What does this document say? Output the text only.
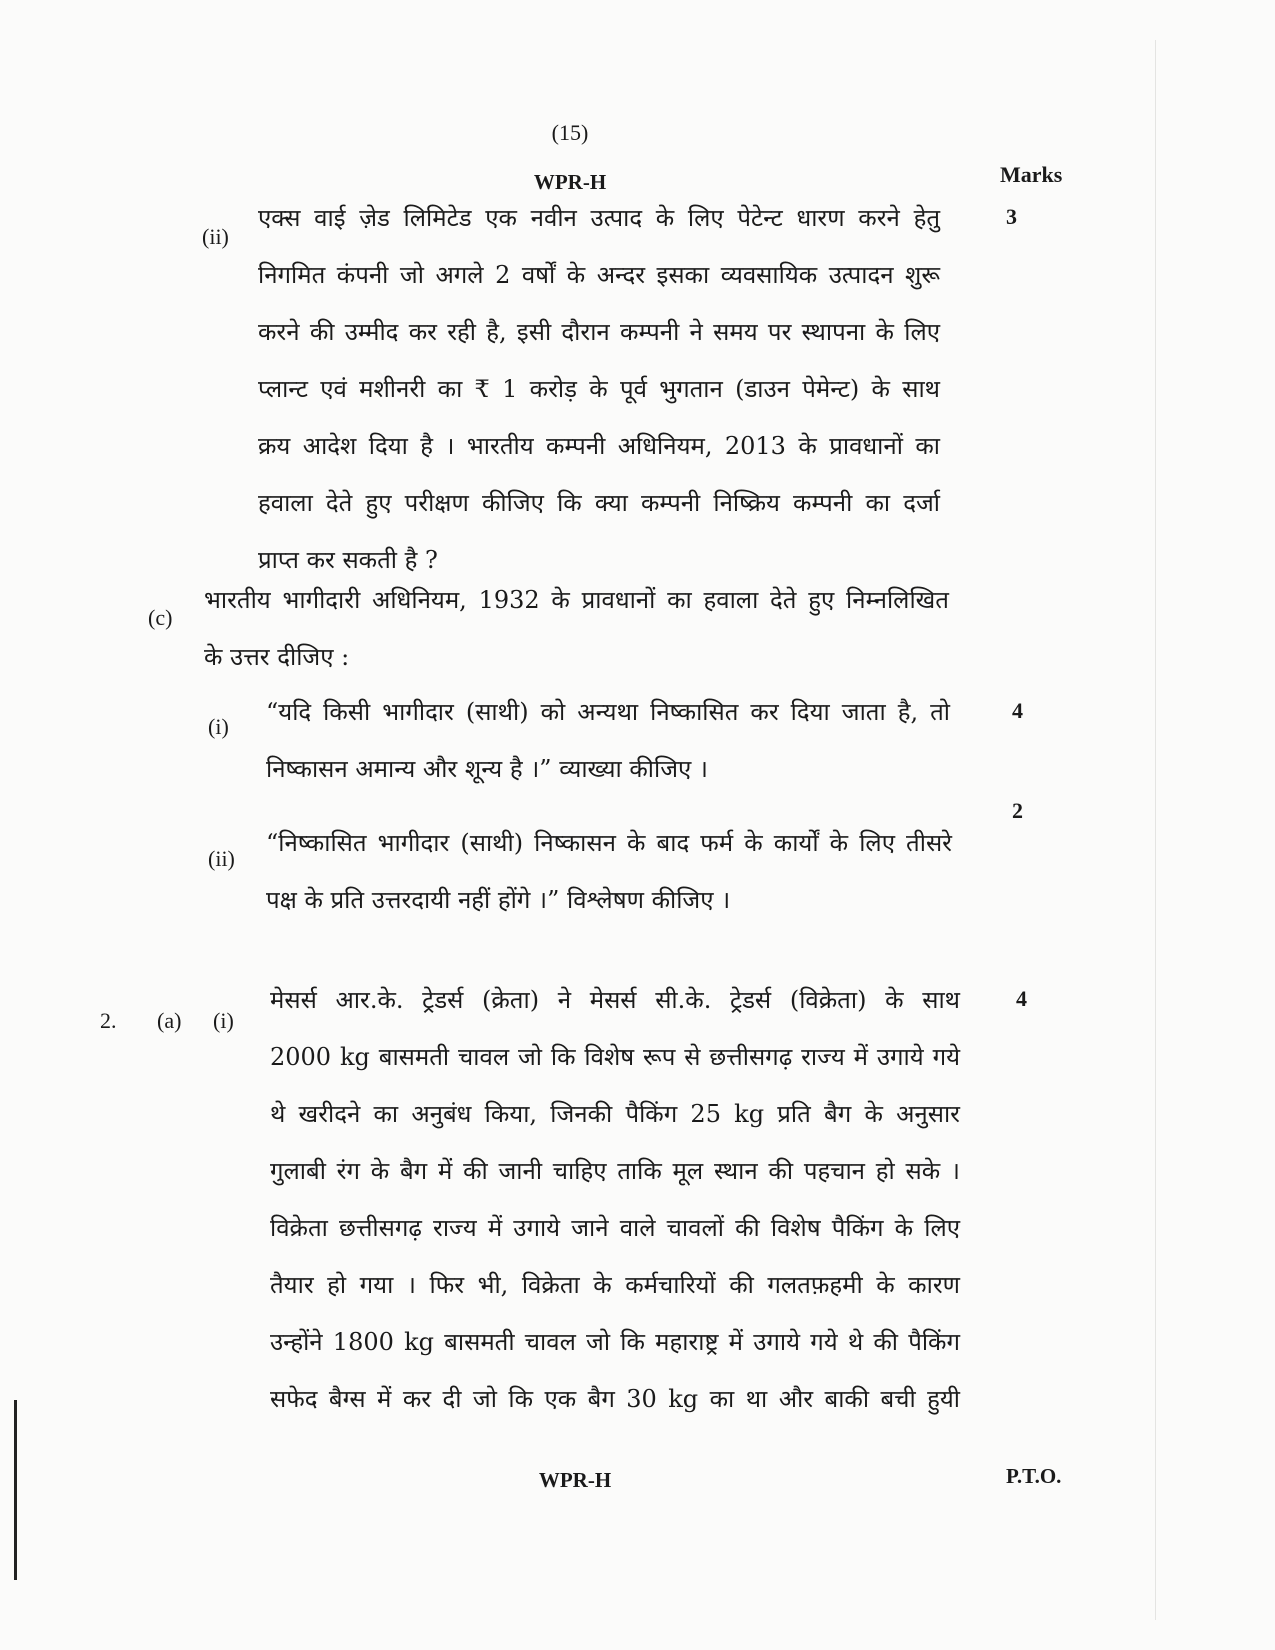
(15)
WPR-H	Marks
(ii)
3
एक्स वाई ज़ेड लिमिटेड एक नवीन उत्पाद के लिए पेटेन्ट धारण करने हेतु
निगमित कंपनी जो अगले 2 वर्षों के अन्दर इसका व्यवसायिक उत्पादन शुरू
करने की उम्मीद कर रही है, इसी दौरान कम्पनी ने समय पर स्थापना के लिए
प्लान्ट एवं मशीनरी का ₹ 1 करोड़ के पूर्व भुगतान (डाउन पेमेन्ट) के साथ
क्रय आदेश दिया है । भारतीय कम्पनी अधिनियम, 2013 के प्रावधानों का
हवाला देते हुए परीक्षण कीजिए कि क्या कम्पनी निष्क्रिय कम्पनी का दर्जा
प्राप्त कर सकती है ?
(c)
भारतीय भागीदारी अधिनियम, 1932 के प्रावधानों का हवाला देते हुए निम्नलिखित
के उत्तर दीजिए :
(i)
4
“यदि किसी भागीदार (साथी) को अन्यथा निष्कासित कर दिया जाता है, तो
निष्कासन अमान्य और शून्य है ।” व्याख्या कीजिए ।
2
(ii)
“निष्कासित भागीदार (साथी) निष्कासन के बाद फर्म के कार्यों के लिए तीसरे
पक्ष के प्रति उत्तरदायी नहीं होंगे ।” विश्लेषण कीजिए ।
2. (a) (i)
4
मेसर्स आर.के. ट्रेडर्स (क्रेता) ने मेसर्स सी.के. ट्रेडर्स (विक्रेता) के साथ
2000 kg बासमती चावल जो कि विशेष रूप से छत्तीसगढ़ राज्य में उगाये गये
थे खरीदने का अनुबंध किया, जिनकी पैकिंग 25 kg प्रति बैग के अनुसार
गुलाबी रंग के बैग में की जानी चाहिए ताकि मूल स्थान की पहचान हो सके ।
विक्रेता छत्तीसगढ़ राज्य में उगाये जाने वाले चावलों की विशेष पैकिंग के लिए
तैयार हो गया । फिर भी, विक्रेता के कर्मचारियों की गलतफ़हमी के कारण
उन्होंने 1800 kg बासमती चावल जो कि महाराष्ट्र में उगाये गये थे की पैकिंग
सफेद बैग्स में कर दी जो कि एक बैग 30 kg का था और बाकी बची हुयी
WPR-H	P.T.O.
